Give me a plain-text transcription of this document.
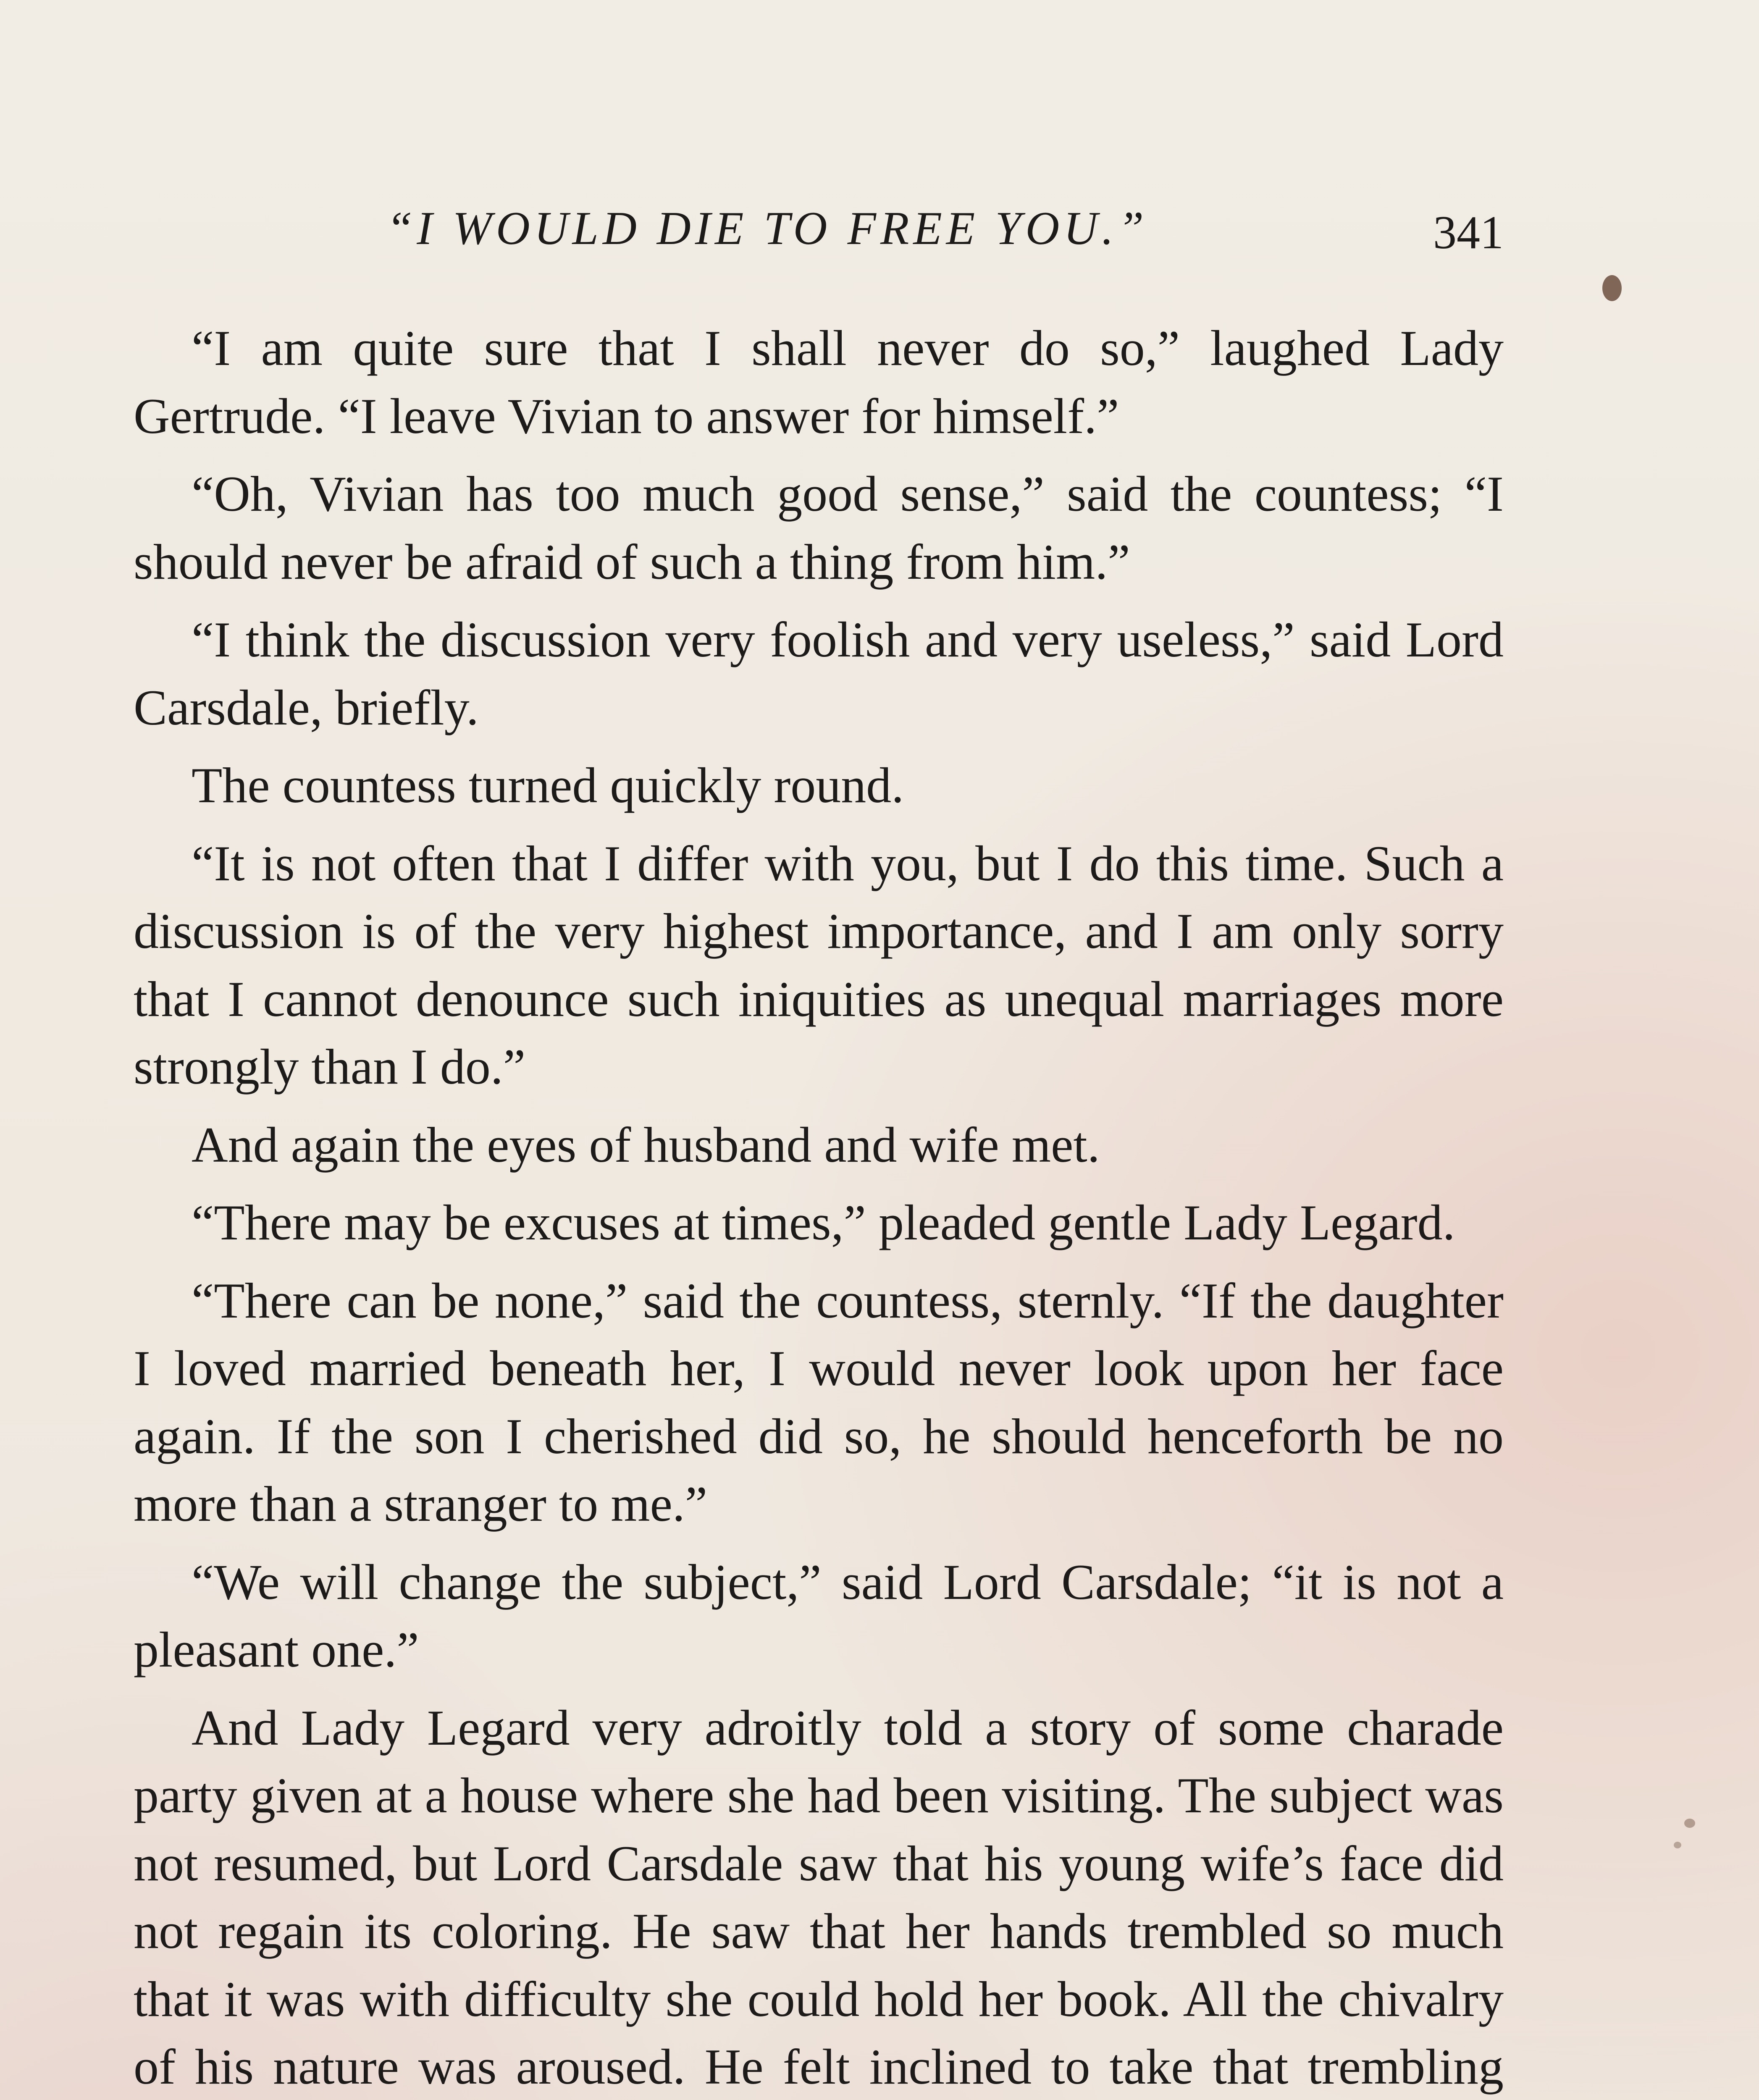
“I WOULD DIE TO FREE YOU.”	341

“I am quite sure that I shall never do so,” laughed Lady Gertrude. “I leave Vivian to answer for himself.”

“Oh, Vivian has too much good sense,” said the countess; “I should never be afraid of such a thing from him.”

“I think the discussion very foolish and very useless,” said Lord Carsdale, briefly.

The countess turned quickly round.

“It is not often that I differ with you, but I do this time. Such a discussion is of the very highest importance, and I am only sorry that I cannot denounce such iniquities as unequal marriages more strongly than I do.”

And again the eyes of husband and wife met.

“There may be excuses at times,” pleaded gentle Lady Legard.

“There can be none,” said the countess, sternly. “If the daughter I loved married beneath her, I would never look upon her face again. If the son I cherished did so, he should henceforth be no more than a stranger to me.”

“We will change the subject,” said Lord Carsdale; “it is not a pleasant one.”

And Lady Legard very adroitly told a story of some charade party given at a house where she had been visiting. The subject was not resumed, but Lord Carsdale saw that his young wife’s face did not regain its coloring. He saw that her hands trembled so much that it was with difficulty she could hold her book. All the chivalry of his nature was aroused. He felt inclined to take that trembling
